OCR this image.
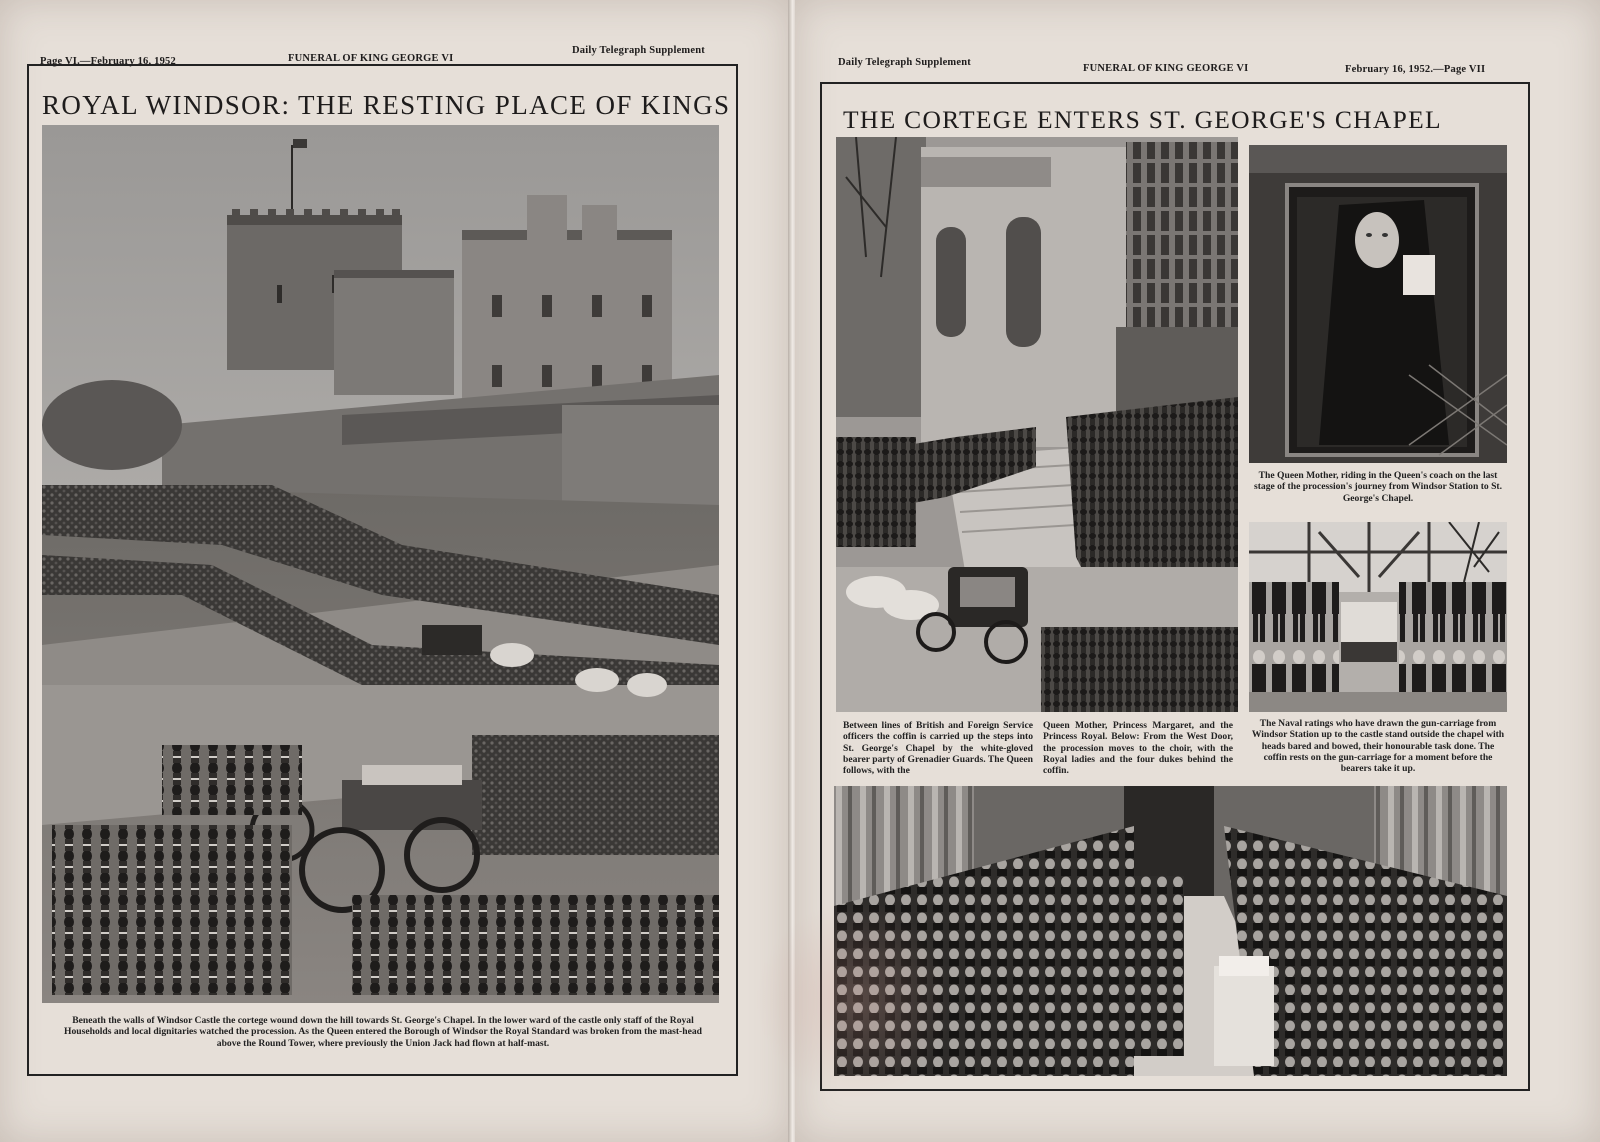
Page VI.—February 16, 1952	FUNERAL OF KING GEORGE VI
Daily Telegraph Supplement
ROYAL WINDSOR: THE RESTING PLACE OF KINGS
Beneath the walls of Windsor Castle the cortege wound down the hill towards St. George's Chapel. In the lower ward of the castle only staff of the Royal Households and local dignitaries watched the procession. As the Queen entered the Borough of Windsor the Royal Standard was broken from the mast-head above the Round Tower, where previously the Union Jack had flown at half-mast.
Daily Telegraph Supplement
FUNERAL OF KING GEORGE VI	February 16, 1952.—Page VII
THE CORTEGE ENTERS ST. GEORGE'S CHAPEL
The Queen Mother, riding in the Queen's coach on the last stage of the procession's journey from Windsor Station to St. George's Chapel.
The Naval ratings who have drawn the gun-carriage from Windsor Station up to the castle stand outside the chapel with heads bared and bowed, their honourable task done. The coffin rests on the gun-carriage for a moment before the bearers take it up.
Between lines of British and Foreign Service officers the coffin is carried up the steps into St. George's Chapel by the white-gloved bearer party of Grenadier Guards. The Queen follows, with the
Queen Mother, Princess Margaret, and the Princess Royal. Below: From the West Door, the procession moves to the choir, with the Royal ladies and the four dukes behind the coffin.
